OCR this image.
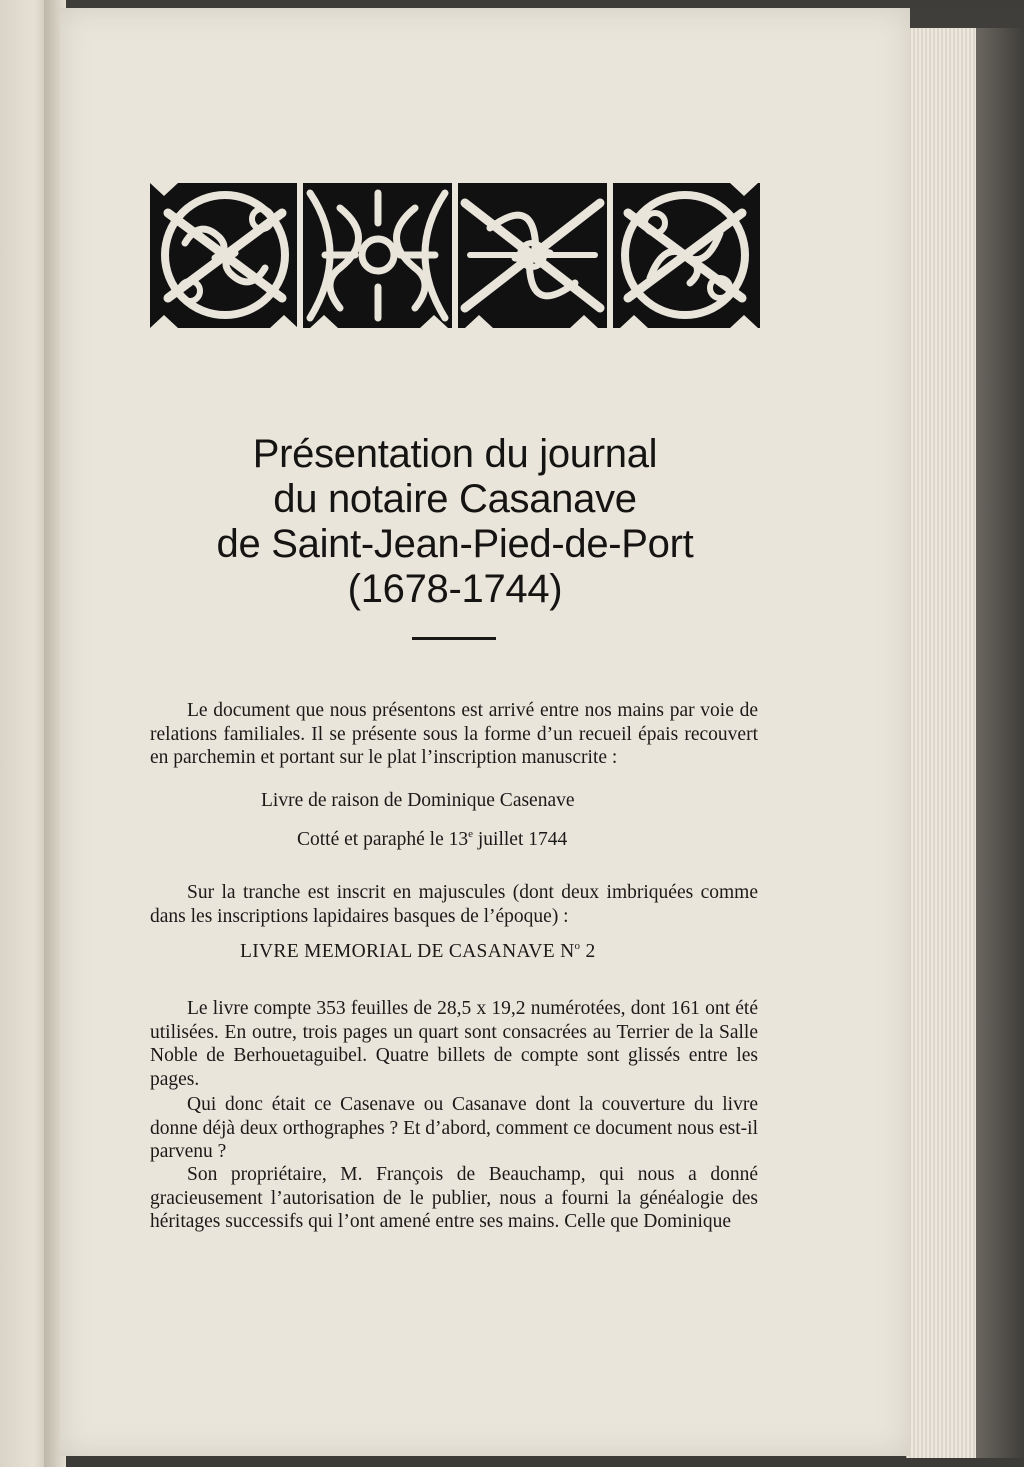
Présentation du journal
du notaire Casanave
de Saint-Jean-Pied-de-Port
(1678-1744)

Le document que nous présentons est arrivé entre nos mains par voie de relations familiales. Il se présente sous la forme d’un recueil épais recouvert en parchemin et portant sur le plat l’inscription manuscrite :

Livre de raison de Dominique Casenave
Cotté et paraphé le 13e juillet 1744

Sur la tranche est inscrit en majuscules (dont deux imbriquées comme dans les inscriptions lapidaires basques de l’époque) :

LIVRE MEMORIAL DE CASANAVE $N^o$ 2

Le livre compte 353 feuilles de 28,5 x 19,2 numérotées, dont 161 ont été utilisées. En outre, trois pages un quart sont consacrées au Terrier de la Salle Noble de Berhouetaguibel. Quatre billets de compte sont glissés entre les pages.

Qui donc était ce Casenave ou Casanave dont la couverture du livre donne déjà deux orthographes ? Et d’abord, comment ce document nous est-il parvenu ?

Son propriétaire, M. François de Beauchamp, qui nous a donné gracieusement l’autorisation de le publier, nous a fourni la généalogie des héritages successifs qui l’ont amené entre ses mains. Celle que Dominique
